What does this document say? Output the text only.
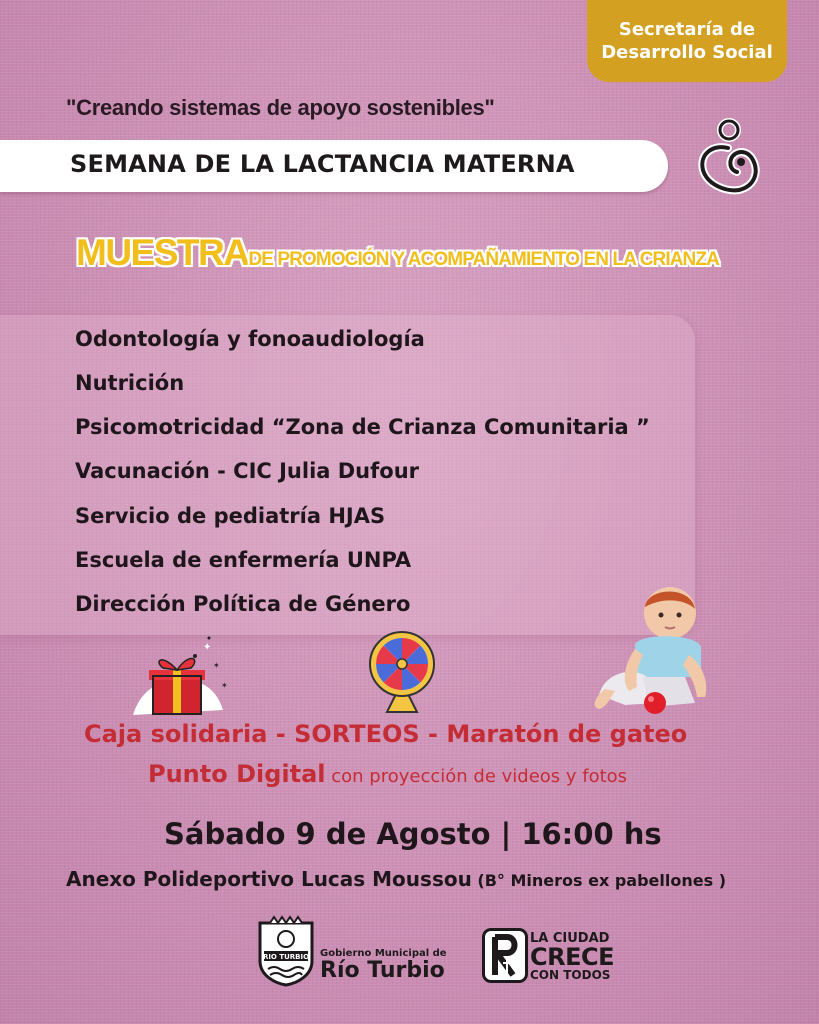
Secretaría de
Desarrollo Social
"Creando sistemas de apoyo sostenibles"
SEMANA DE LA LACTANCIA MATERNA
MUESTRADE PROMOCIÓN Y ACOMPAÑAMIENTO EN LA CRIANZA
Odontología y fonoaudiología
Nutrición
Psicomotricidad “Zona de Crianza Comunitaria ”
Vacunación - CIC Julia Dufour
Servicio de pediatría HJAS
Escuela de enfermería UNPA
Dirección Política de Género
✦
✶
✶
Caja solidaria - SORTEOS - Maratón de gateo
Punto Digital con proyección de videos y fotos
Sábado 9 de Agosto | 16:00 hs
Anexo Polideportivo Lucas Moussou (B° Mineros ex pabellones )
RIO TURBIO Gobierno Municipal de
Río Turbio
LA CIUDAD
CRECE
CON TODOS
